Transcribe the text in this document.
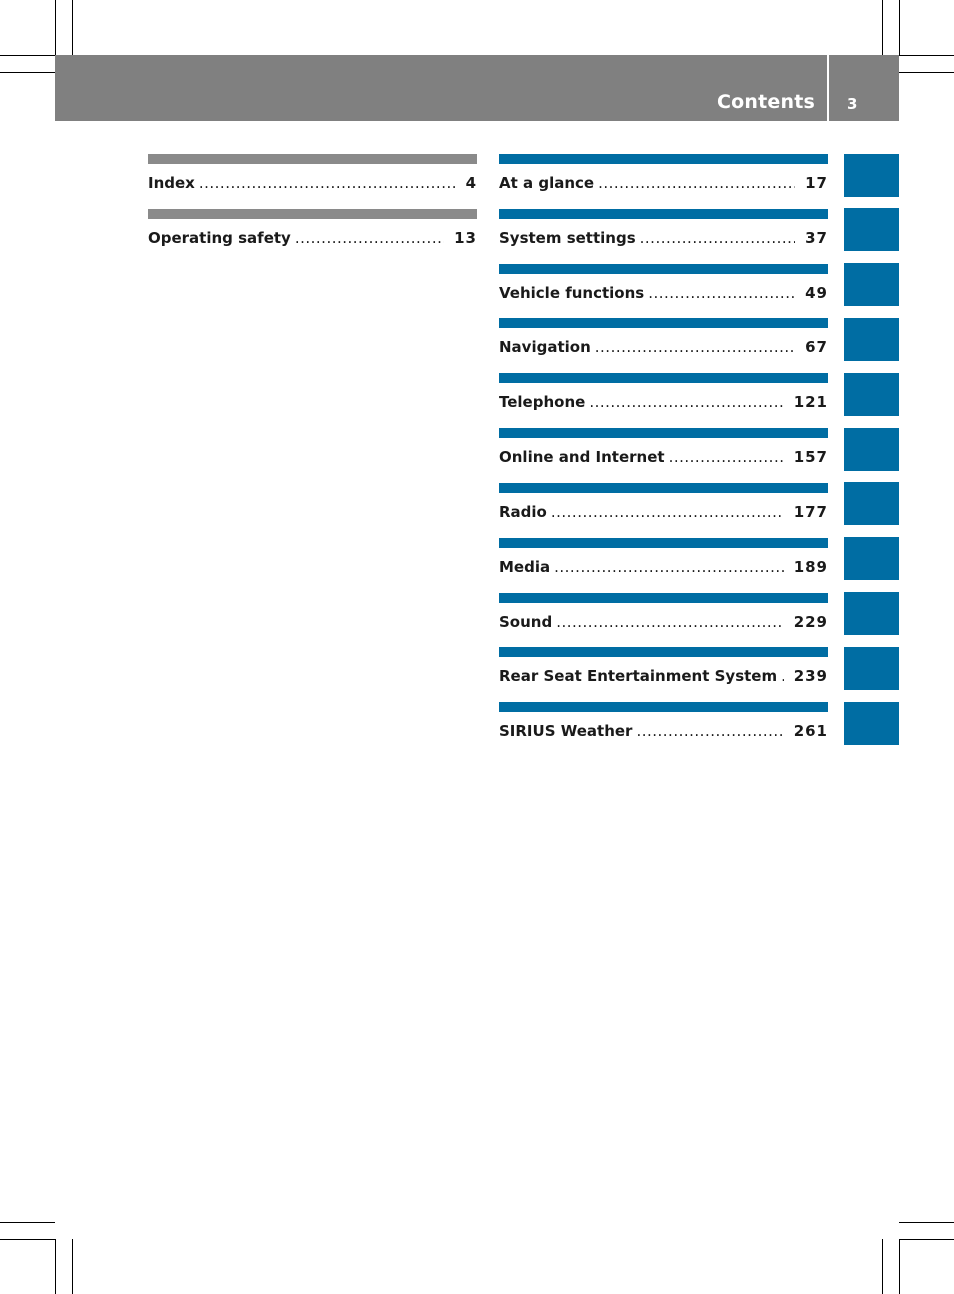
Contents 3
Index .....	4
Operating safety .....	13
At a glance .....	17
System settings .....	37
Vehicle functions .....	49
Navigation .....	67
Telephone .....	121
Online and Internet .....	157
Radio .....	177
Media .....	189
Sound .....	229
Rear Seat Entertainment System .....	239
SIRIUS Weather .....	261
